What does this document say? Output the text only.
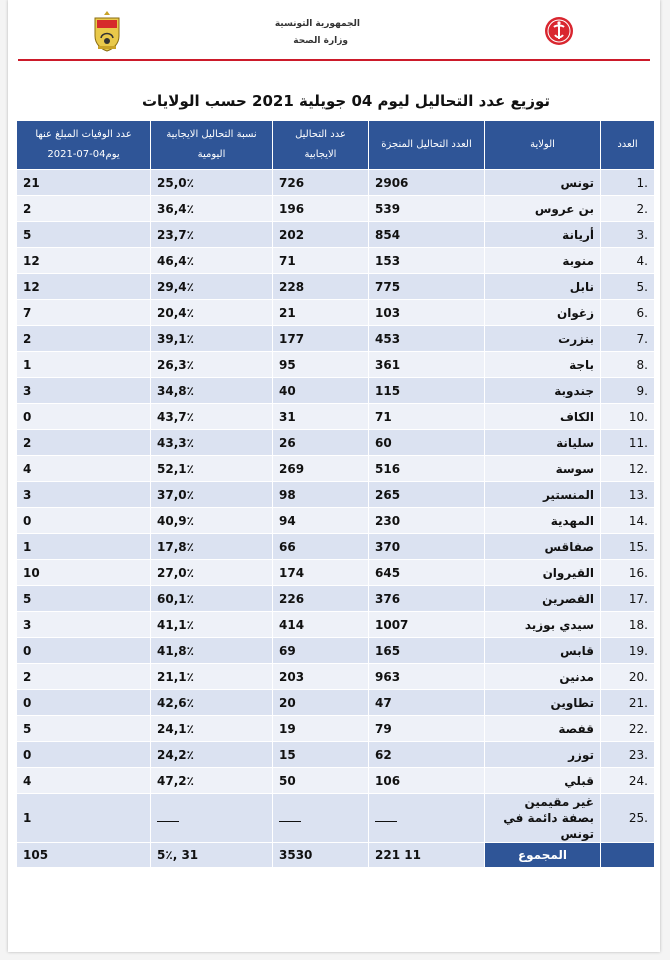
الجمهورية التونسية
وزارة الصحة
توزيع عدد التحاليل ليوم 04 جويلية 2021 حسب الولايات
العدد	الولاية	العدد التحاليل المنجزة	عدد التحاليل الايجابية	نسبة التحاليل الايجابية اليومية	عدد الوفيات المبلغ عنها يوم04-07-2021
.1	تونس	2906	726	25,0٪	21
.2	بن عروس	539	196	36,4٪	2
.3	أريانة	854	202	23,7٪	5
.4	منوبة	153	71	46,4٪	12
.5	نابل	775	228	29,4٪	12
.6	زغوان	103	21	20,4٪	7
.7	بنزرت	453	177	39,1٪	2
.8	باجة	361	95	26,3٪	1
.9	جندوبة	115	40	34,8٪	3
.10	الكاف	71	31	43,7٪	0
.11	سليانة	60	26	43,3٪	2
.12	سوسة	516	269	52,1٪	4
.13	المنستير	265	98	37,0٪	3
.14	المهدية	230	94	40,9٪	0
.15	صفاقس	370	66	17,8٪	1
.16	القيروان	645	174	27,0٪	10
.17	القصرين	376	226	60,1٪	5
.18	سيدي بوزيد	1007	414	41,1٪	3
.19	قابس	165	69	41,8٪	0
.20	مدنين	963	203	21,1٪	2
.21	تطاوين	47	20	42,6٪	0
.22	قفصة	79	19	24,1٪	5
.23	توزر	62	15	24,2٪	0
.24	قبلي	106	50	47,2٪	4
.25	غير مقيمين بصفة دائمة في تونس				1
	المجموع	11 221	3530	31 ,5٪	105
